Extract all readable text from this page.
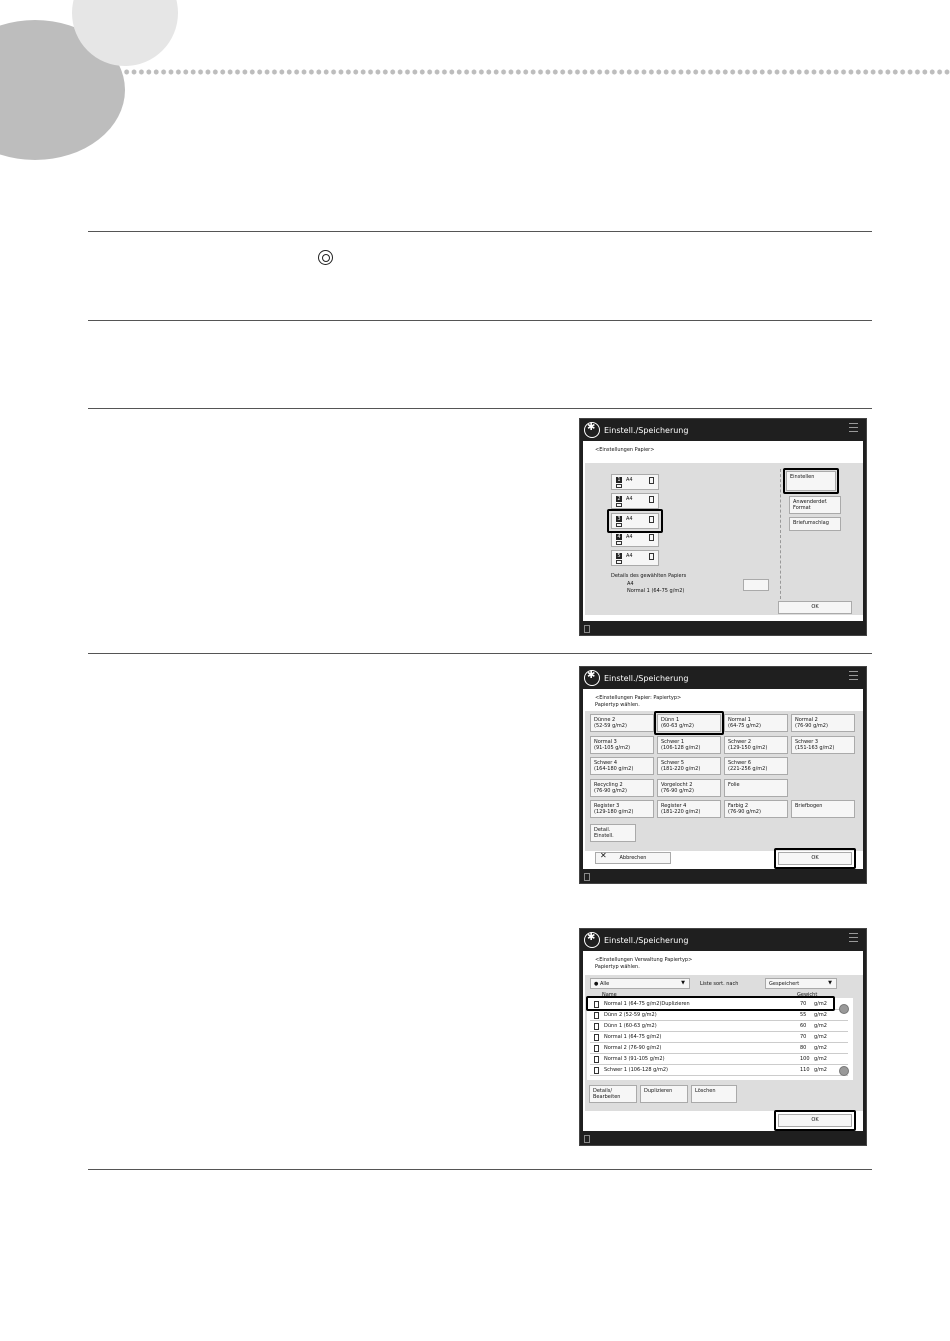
✱
Einstell./Speicherung
<Einstellungen Papier>
1 A4
2 A4
3 A4
4 A4
5 A4
Details des gewählten Papiers
A4
Normal 1 (64-75 g/m2)
Einstellen
Anwenderdef.
Format
Briefumschlag
OK
✱
Einstell./Speicherung
<Einstellungen Papier: Papiertyp>
Papiertyp wählen.
Dünne 2
(52-59 g/m2)
Dünn 1
(60-63 g/m2)
Normal 1
(64-75 g/m2)
Normal 2
(76-90 g/m2)
Normal 3
(91-105 g/m2)
Schwer 1
(106-128 g/m2)
Schwer 2
(129-150 g/m2)
Schwer 3
(151-163 g/m2)
Schwer 4
(164-180 g/m2)
Schwer 5
(181-220 g/m2)
Schwer 6
(221-256 g/m2)
Recycling 2
(76-90 g/m2)
Vorgelocht 2
(76-90 g/m2)
Folie
Register 3
(129-180 g/m2)
Register 4
(181-220 g/m2)
Farbig 2
(76-90 g/m2)
Briefbogen
Detail.
Einstell.
✕	Abbrechen	OK
✱
Einstell./Speicherung
<Einstellungen Verwaltung Papiertyp>
Papiertyp wählen.
● Alle	▼	Liste sort. nach	Gespeichert	▼
Name	Gewicht
Normal 1 (64-75 g/m2)Duplizieren	70 g/m2
Dünn 2 (52-59 g/m2)	55 g/m2
Dünn 1 (60-63 g/m2)	60 g/m2
Normal 1 (64-75 g/m2)	70 g/m2
Normal 2 (76-90 g/m2)	80 g/m2
Normal 3 (91-105 g/m2)	100 g/m2
Schwer 1 (106-128 g/m2)	110 g/m2
Details/
Bearbeiten
Duplizieren	Löschen
OK
